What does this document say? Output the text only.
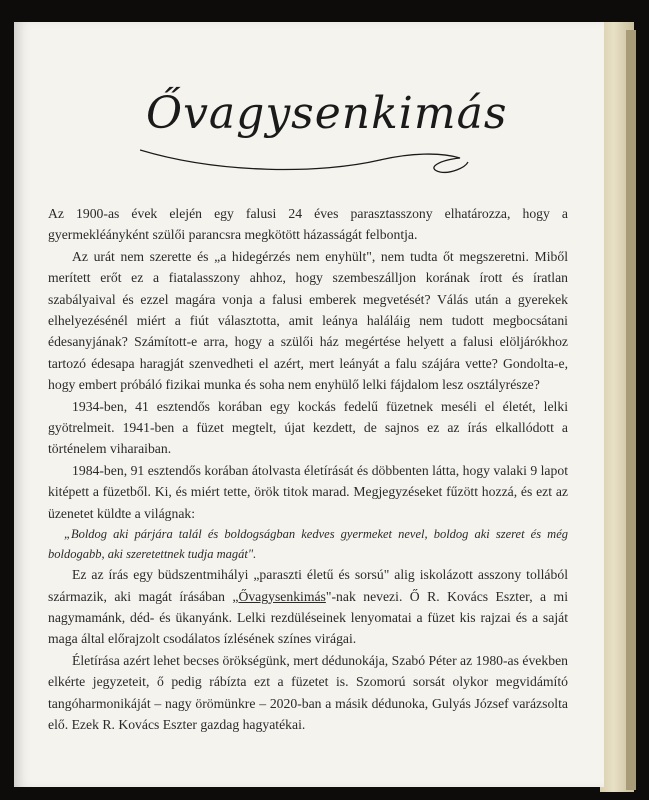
Ővagysenkimás

Az 1900-as évek elején egy falusi 24 éves parasztasszony elhatározza, hogy a gyermekléányként szülői parancsra megkötött házasságát felbontja.

Az urát nem szerette és „a hidegérzés nem enyhült", nem tudta őt megszeretni. Miből merített erőt ez a fiatalasszony ahhoz, hogy szembeszálljon korának írott és íratlan szabályaival és ezzel magára vonja a falusi emberek megvetését? Válás után a gyerekek elhelyezésénél miért a fiút választotta, amit leánya haláláig nem tudott megbocsátani édesanyjának? Számított-e arra, hogy a szülői ház megértése helyett a falusi elöljárókhoz tartozó édesapa haragját szenvedheti el azért, mert leányát a falu szájára vette? Gondolta-e, hogy embert próbáló fizikai munka és soha nem enyhülő lelki fájdalom lesz osztályrésze?

1934-ben, 41 esztendős korában egy kockás fedelű füzetnek meséli el életét, lelki gyötrelmeit. 1941-ben a füzet megtelt, újat kezdett, de sajnos ez az írás elkallódott a történelem viharaiban.

1984-ben, 91 esztendős korában átolvasta életírását és döbbenten látta, hogy valaki 9 lapot kitépett a füzetből. Ki, és miért tette, örök titok marad. Megjegyzéseket fűzött hozzá, és ezt az üzenetet küldte a világnak:

„Boldog aki párjára talál és boldogságban kedves gyermeket nevel, boldog aki szeret és még boldogabb, aki szeretettnek tudja magát".

Ez az írás egy büdszentmihályi „paraszti életű és sorsú" alig iskolázott asszony tollából származik, aki magát írásában „Ővagysenkimás"-nak nevezi. Ő R. Kovács Eszter, a mi nagymamánk, déd- és ükanyánk. Lelki rezdüléseinek lenyomatai a füzet kis rajzai és a saját maga által előrajzolt csodálatos ízlésének színes virágai.

Életírása azért lehet becses örökségünk, mert dédunokája, Szabó Péter az 1980-as években elkérte jegyzeteit, ő pedig rábízta ezt a füzetet is. Szomorú sorsát olykor megvidámító tangóharmonikáját – nagy örömünkre – 2020-ban a másik dédunoka, Gulyás József varázsolta elő. Ezek R. Kovács Eszter gazdag hagyatékai.
